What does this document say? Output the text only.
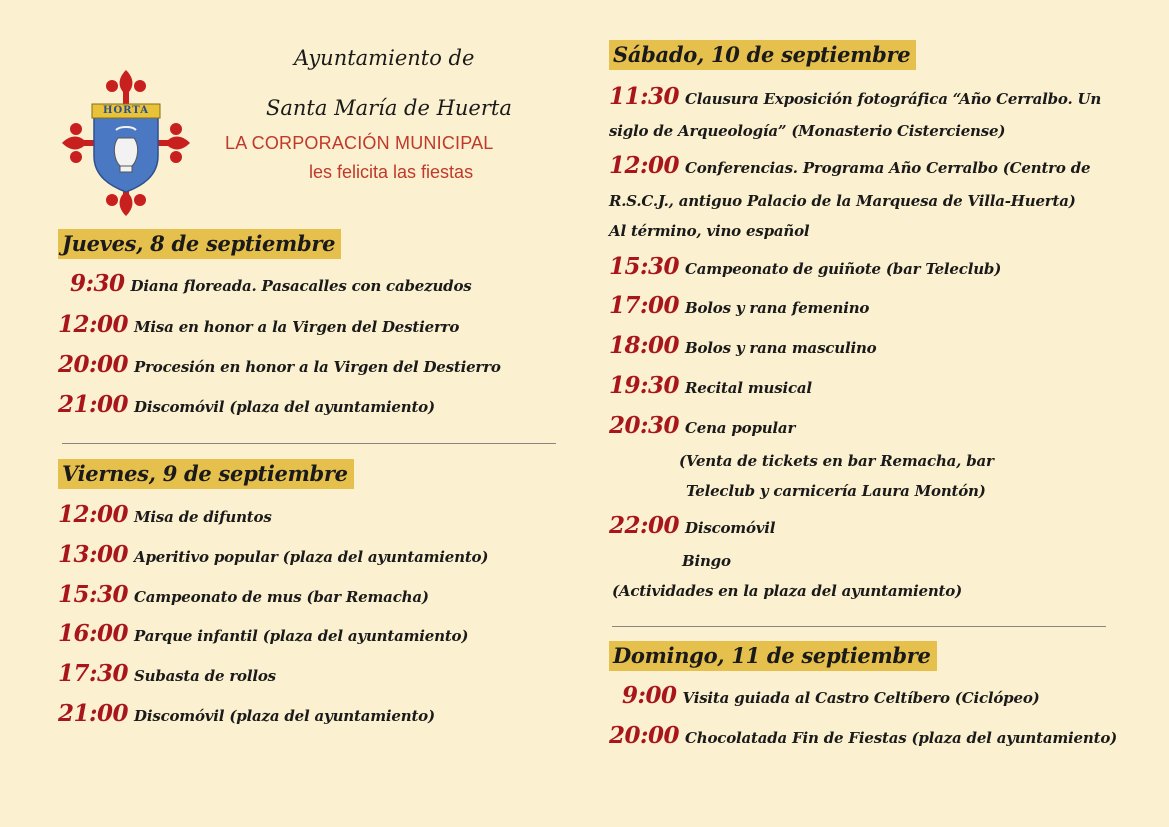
HORTA
Ayuntamiento de
Santa María de Huerta
LA CORPORACIÓN MUNICIPAL
les felicita las fiestas
Jueves, 8 de septiembre
9:30 Diana floreada. Pasacalles con cabezudos
12:00 Misa en honor a la Virgen del Destierro
20:00 Procesión en honor a la Virgen del Destierro
21:00 Discomóvil (plaza del ayuntamiento)
Viernes, 9 de septiembre
12:00 Misa de difuntos
13:00 Aperitivo popular (plaza del ayuntamiento)
15:30 Campeonato de mus (bar Remacha)
16:00 Parque infantil (plaza del ayuntamiento)
17:30 Subasta de rollos
21:00 Discomóvil (plaza del ayuntamiento)
Sábado, 10 de septiembre
11:30 Clausura Exposición fotográfica “Año Cerralbo. Un
siglo de Arqueología” (Monasterio Cisterciense)
12:00 Conferencias. Programa Año Cerralbo (Centro de
R.S.C.J., antiguo Palacio de la Marquesa de Villa-Huerta)
Al término, vino español
15:30 Campeonato de guiñote (bar Teleclub)
17:00 Bolos y rana femenino
18:00 Bolos y rana masculino
19:30 Recital musical
20:30 Cena popular
(Venta de tickets en bar Remacha, bar
Teleclub y carnicería Laura Montón)
22:00 Discomóvil
Bingo
(Actividades en la plaza del ayuntamiento)
Domingo, 11 de septiembre
9:00 Visita guiada al Castro Celtíbero (Ciclópeo)
20:00 Chocolatada Fin de Fiestas (plaza del ayuntamiento)
